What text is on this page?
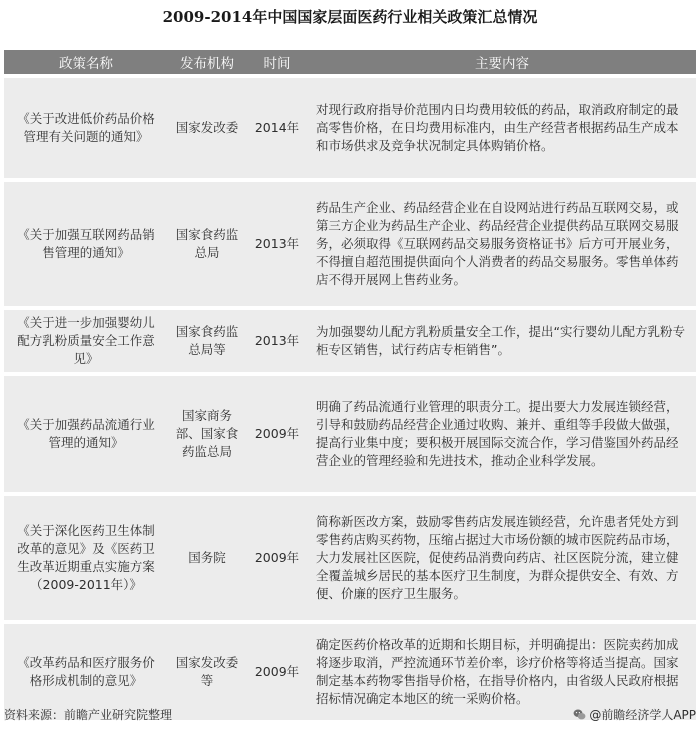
2009-2014年中国国家层面医药行业相关政策汇总情况
政策名称	发布机构	时间	主要内容
《关于改进低价药品价格管理有关问题的通知》	国家发改委	2014年	对现行政府指导价范围内日均费用较低的药品，取消政府制定的最高零售价格，在日均费用标准内，由生产经营者根据药品生产成本和市场供求及竞争状况制定具体购销价格。
《关于加强互联网药品销售管理的通知》	国家食药监总局	2013年	药品生产企业、药品经营企业在自设网站进行药品互联网交易，或第三方企业为药品生产企业、药品经营企业提供药品互联网交易服务，必须取得《互联网药品交易服务资格证书》后方可开展业务，不得擅自超范围提供面向个人消费者的药品交易服务。零售单体药店不得开展网上售药业务。
《关于进一步加强婴幼儿配方乳粉质量安全工作意见》	国家食药监总局等	2013年	为加强婴幼儿配方乳粉质量安全工作，提出“实行婴幼儿配方乳粉专柜专区销售，试行药店专柜销售”。
《关于加强药品流通行业管理的通知》	国家商务部、国家食药监总局	2009年	明确了药品流通行业管理的职责分工。提出要大力发展连锁经营，引导和鼓励药品经营企业通过收购、兼并、重组等手段做大做强，提高行业集中度；要积极开展国际交流合作，学习借鉴国外药品经营企业的管理经验和先进技术，推动企业科学发展。
《关于深化医药卫生体制改革的意见》及《医药卫生改革近期重点实施方案（2009-2011年）》	国务院	2009年	简称新医改方案，鼓励零售药店发展连锁经营，允许患者凭处方到零售药店购买药物，压缩占据过大市场份额的城市医院药品市场，大力发展社区医院，促使药品消费向药店、社区医院分流，建立健全覆盖城乡居民的基本医疗卫生制度，为群众提供安全、有效、方便、价廉的医疗卫生服务。
《改革药品和医疗服务价格形成机制的意见》	国家发改委等	2009年	确定医药价格改革的近期和长期目标，并明确提出：医院卖药加成将逐步取消，严控流通环节差价率，诊疗价格等将适当提高。国家制定基本药物零售指导价格，在指导价格内，由省级人民政府根据招标情况确定本地区的统一采购价格。
资料来源：前瞻产业研究院整理	@前瞻经济学人APP
